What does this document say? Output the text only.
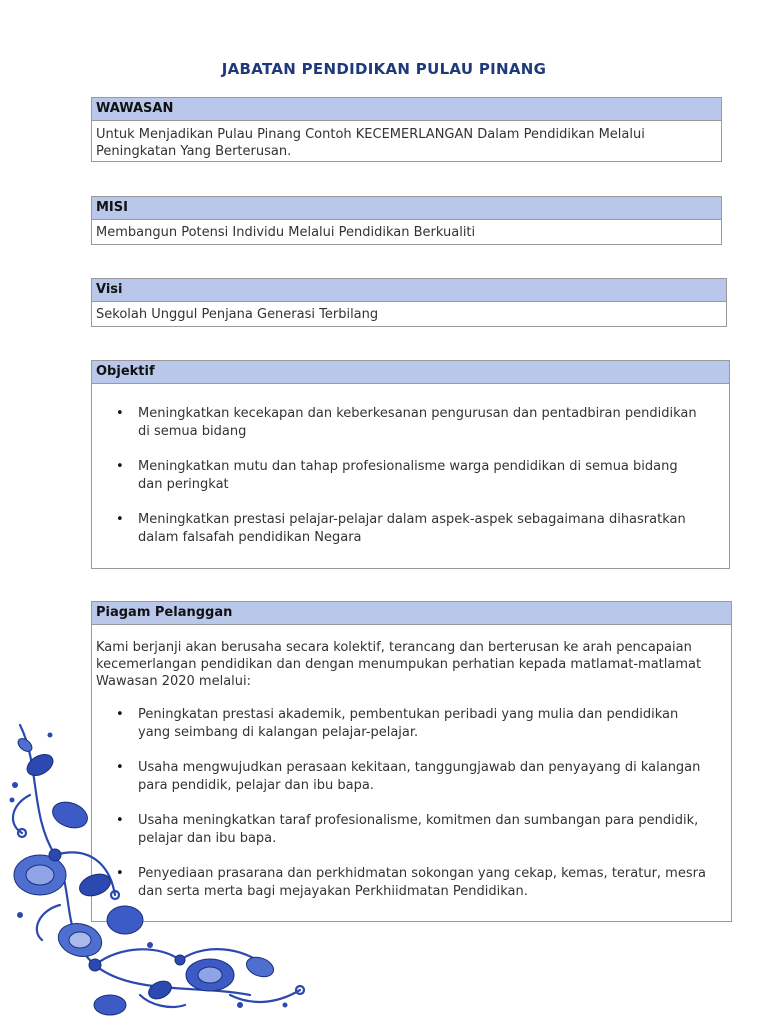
JABATAN PENDIDIKAN PULAU PINANG
WAWASAN
Untuk Menjadikan Pulau Pinang Contoh KECEMERLANGAN Dalam Pendidikan Melalui Peningkatan Yang Berterusan.
MISI
Membangun Potensi Individu Melalui Pendidikan Berkualiti
Visi
Sekolah Unggul Penjana Generasi Terbilang
Objektif
• Meningkatkan kecekapan dan keberkesanan pengurusan dan pentadbiran pendidikan di semua bidang
• Meningkatkan mutu dan tahap profesionalisme warga pendidikan di semua bidang dan peringkat
• Meningkatkan prestasi pelajar-pelajar dalam aspek-aspek sebagaimana dihasratkan dalam falsafah pendidikan Negara
Piagam Pelanggan
Kami berjanji akan berusaha secara kolektif, terancang dan berterusan ke arah pencapaian kecemerlangan pendidikan dan dengan menumpukan perhatian kepada matlamat-matlamat Wawasan 2020 melalui:
• Peningkatan prestasi akademik, pembentukan peribadi yang mulia dan pendidikan yang seimbang di kalangan pelajar-pelajar.
• Usaha mengwujudkan perasaan kekitaan, tanggungjawab dan penyayang di kalangan para pendidik, pelajar dan ibu bapa.
• Usaha meningkatkan taraf profesionalisme, komitmen dan sumbangan para pendidik, pelajar dan ibu bapa.
• Penyediaan prasarana dan perkhidmatan sokongan yang cekap, kemas, teratur, mesra dan serta merta bagi mejayakan Perkhiidmatan Pendidikan.
